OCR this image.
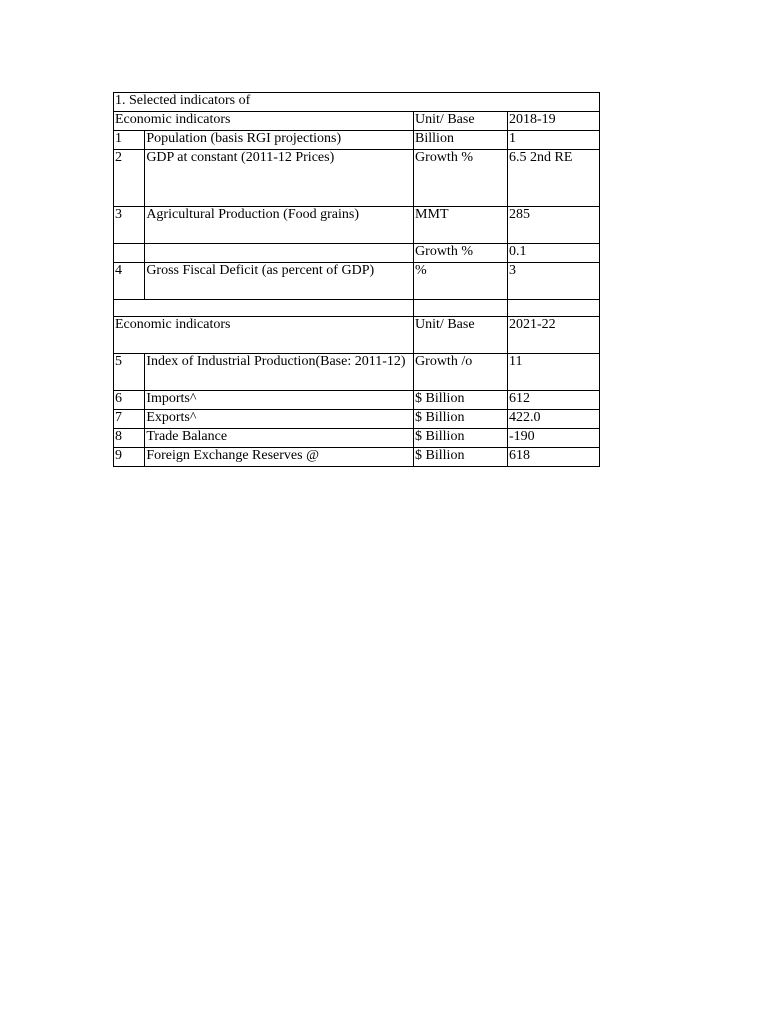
1. Selected indicators of			
Economic indicators		Unit/ Base	2018-19
1	Population (basis RGI projections)	Billion	1
2	GDP at constant (2011-12 Prices)	Growth %	6.5 2nd RE
3	Agricultural Production (Food grains)	MMT	285
		Growth %	0.1
4	Gross Fiscal Deficit (as percent of GDP)	%	3

Economic indicators		Unit/ Base	2021-22
5	Index of Industrial Production(Base: 2011-12)	Growth /o	11
6	Imports^	$ Billion	612
7	Exports^	$ Billion	422.0
8	Trade Balance	$ Billion	-190
9	Foreign Exchange Reserves @	$ Billion	618
